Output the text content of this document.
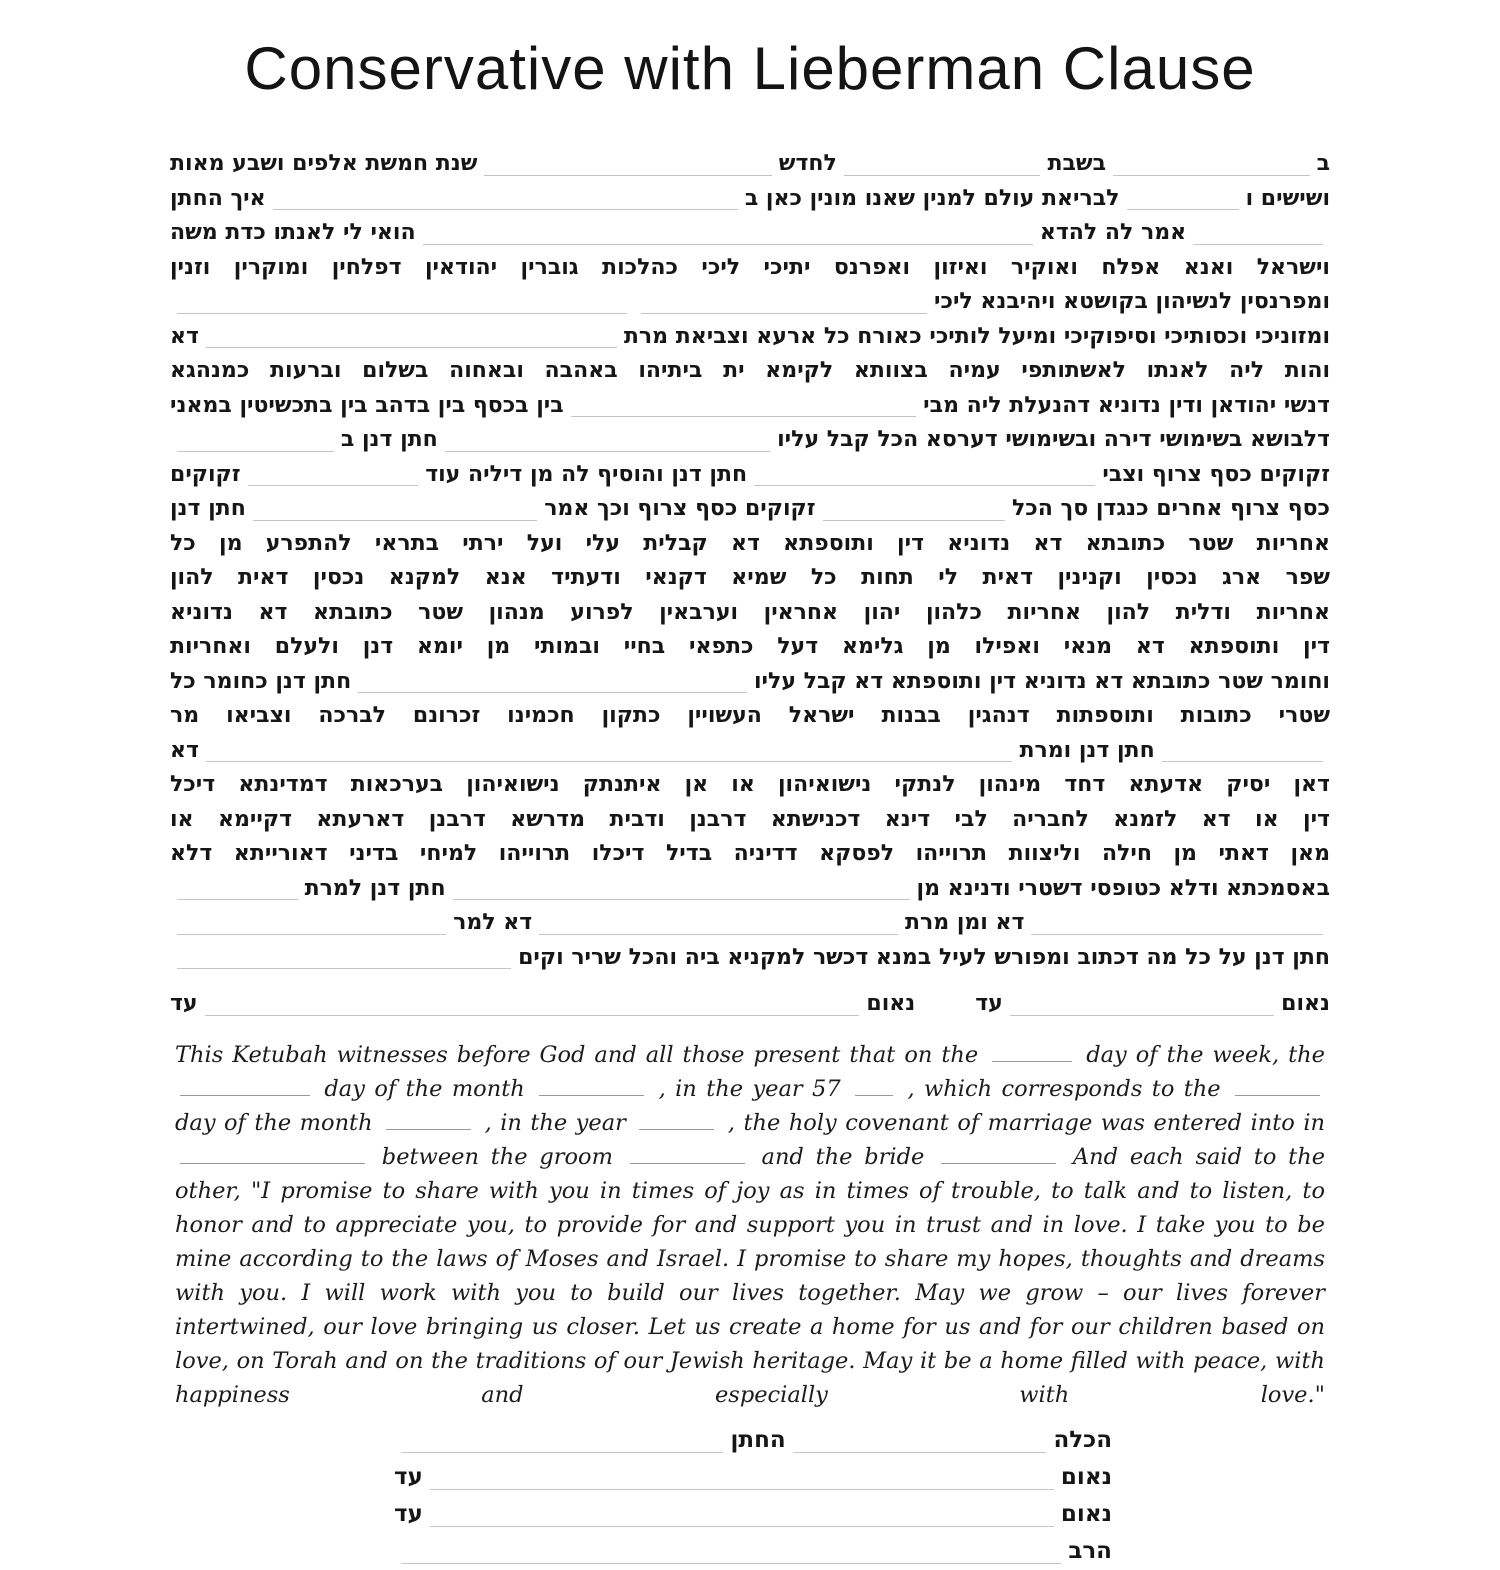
Conservative with Lieberman Clause
ב
בשבת
לחדש
שנת חמשת אלפים ושבע מאות
ושישים ו
לבריאת עולם למנין שאנו מונין כאן ב
איך החתן
אמר לה להדא
הואי לי לאנתו כדת משה
וישראל ואנא אפלח ואוקיר ואיזון ואפרנס יתיכי ליכי כהלכות גוברין יהודאין דפלחין ומוקרין וזנין
ומפרנסין לנשיהון בקושטא ויהיבנא ליכי
ומזוניכי וכסותיכי וסיפוקיכי ומיעל לותיכי כאורח כל ארעא וצביאת מרת
דא
והות ליה לאנתו לאשתותפי עמיה בצוותא לקימא ית ביתיהו באהבה ובאחוה בשלום וברעות כמנהגא
דנשי יהודאן ודין נדוניא דהנעלת ליה מבי
בין בכסף בין בדהב בין בתכשיטין במאני
דלבושא בשימושי דירה ובשימושי דערסא הכל קבל עליו
חתן דנן ב
זקוקים כסף צרוף וצבי
חתן דנן והוסיף לה מן דיליה עוד
זקוקים
כסף צרוף אחרים כנגדן סך הכל
זקוקים כסף צרוף וכך אמר
חתן דנן
אחריות שטר כתובתא דא נדוניא דין ותוספתא דא קבלית עלי ועל ירתי בתראי להתפרע מן כל
שפר ארג נכסין וקנינין דאית לי תחות כל שמיא דקנאי ודעתיד אנא למקנא נכסין דאית להון
אחריות ודלית להון אחריות כלהון יהון אחראין וערבאין לפרוע מנהון שטר כתובתא דא נדוניא
דין ותוספתא דא מנאי ואפילו מן גלימא דעל כתפאי בחיי ובמותי מן יומא דנן ולעלם ואחריות
וחומר שטר כתובתא דא נדוניא דין ותוספתא דא קבל עליו
חתן דנן כחומר כל
שטרי כתובות ותוספתות דנהגין בבנות ישראל העשויין כתקון חכמינו זכרונם לברכה וצביאו מר
חתן דנן ומרת
דא
דאן יסיק אדעתא דחד מינהון לנתקי נישואיהון או אן איתנתק נישואיהון בערכאות דמדינתא דיכל
דין או דא לזמנא לחבריה לבי דינא דכנישתא דרבנן ודבית מדרשא דרבנן דארעתא דקיימא או
מאן דאתי מן חילה וליצוות תרוייהו לפסקא דדיניה בדיל דיכלו תרוייהו למיחי בדיני דאורייתא דלא
באסמכתא ודלא כטופסי דשטרי ודנינא מן
חתן דנן למרת
דא ומן מרת
דא למר
חתן דנן על כל מה דכתוב ומפורש לעיל במנא דכשר למקניא ביה והכל שריר וקים
נאום
עד
נאום
עד
This Ketubah witnesses before God and all those present that on the	day of the week, the  day of the month	, in the year 57	, which corresponds to the  day of the month	, in the year	, the holy covenant of marriage was entered into in  between the groom	and the bride	And each said to the other, "I promise to share with you in times of joy as in times of trouble, to talk and to listen, to honor and to appreciate you, to provide for and support you in trust and in love. I take you to be mine according to the laws of Moses and Israel. I promise to share my hopes, thoughts and dreams with you. I will work with you to build our lives together. May we grow – our lives forever intertwined, our love bringing us closer. Let us create a home for us and for our children based on love, on Torah and on the traditions of our Jewish heritage. May it be a home filled with peace, with happiness and especially with love."
הכלה
החתן
נאום
עד
נאום
עד
הרב
